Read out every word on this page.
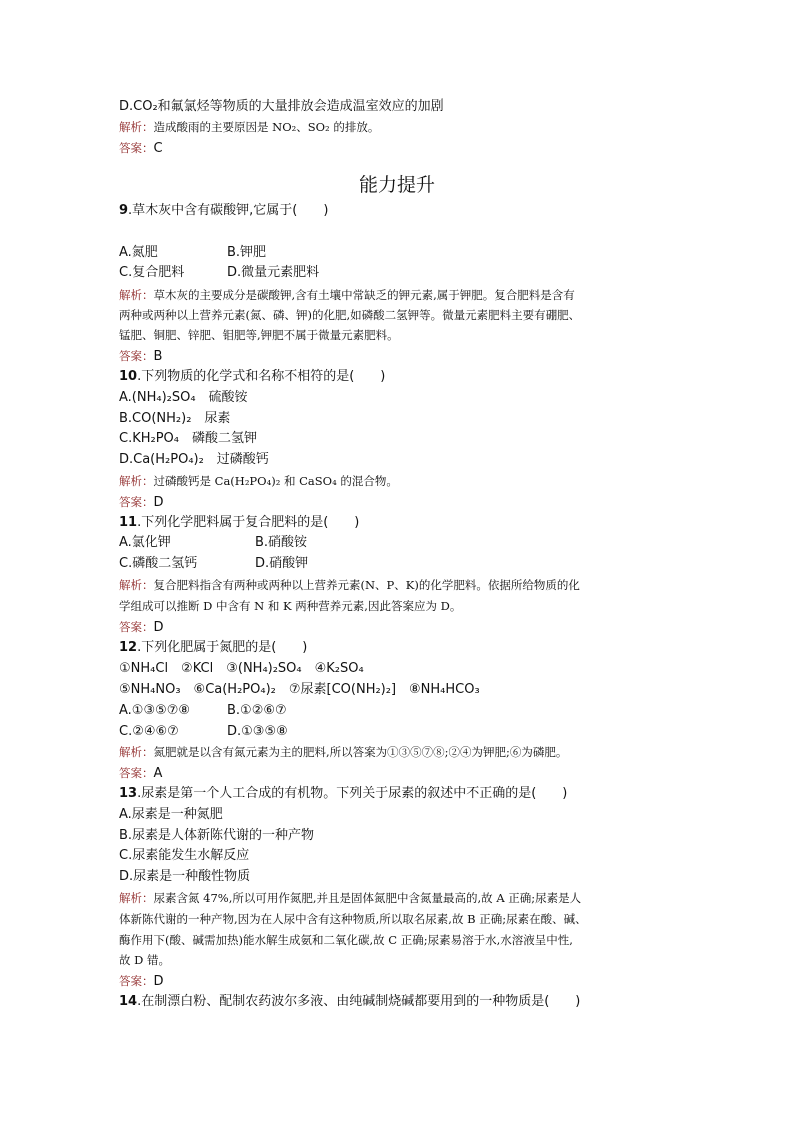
D.CO₂和氟氯烃等物质的大量排放会造成温室效应的加剧
解析：造成酸雨的主要原因是 NO₂、SO₂ 的排放。
答案：C
能力提升
9.草木灰中含有碳酸钾,它属于(　　)
A.氮肥	B.钾肥
C.复合肥料	D.微量元素肥料
解析：草木灰的主要成分是碳酸钾,含有土壤中常缺乏的钾元素,属于钾肥。复合肥料是含有
两种或两种以上营养元素(氮、磷、钾)的化肥,如磷酸二氢钾等。微量元素肥料主要有硼肥、
锰肥、铜肥、锌肥、钼肥等,钾肥不属于微量元素肥料。
答案：B
10.下列物质的化学式和名称不相符的是(　　)
A.(NH₄)₂SO₄　硫酸铵
B.CO(NH₂)₂　尿素
C.KH₂PO₄　磷酸二氢钾
D.Ca(H₂PO₄)₂　过磷酸钙
解析：过磷酸钙是 Ca(H₂PO₄)₂ 和 CaSO₄ 的混合物。
答案：D
11.下列化学肥料属于复合肥料的是(　　)
A.氯化钾	B.硝酸铵
C.磷酸二氢钙	D.硝酸钾
解析：复合肥料指含有两种或两种以上营养元素(N、P、K)的化学肥料。依据所给物质的化
学组成可以推断 D 中含有 N 和 K 两种营养元素,因此答案应为 D。
答案：D
12.下列化肥属于氮肥的是(　　)
①NH₄Cl　②KCl　③(NH₄)₂SO₄　④K₂SO₄
⑤NH₄NO₃　⑥Ca(H₂PO₄)₂　⑦尿素[CO(NH₂)₂]　⑧NH₄HCO₃
A.①③⑤⑦⑧	B.①②⑥⑦
C.②④⑥⑦	D.①③⑤⑧
解析：氮肥就是以含有氮元素为主的肥料,所以答案为①③⑤⑦⑧;②④为钾肥;⑥为磷肥。
答案：A
13.尿素是第一个人工合成的有机物。下列关于尿素的叙述中不正确的是(　　)
A.尿素是一种氮肥
B.尿素是人体新陈代谢的一种产物
C.尿素能发生水解反应
D.尿素是一种酸性物质
解析：尿素含氮 47%,所以可用作氮肥,并且是固体氮肥中含氮量最高的,故 A 正确;尿素是人
体新陈代谢的一种产物,因为在人尿中含有这种物质,所以取名尿素,故 B 正确;尿素在酸、碱、
酶作用下(酸、碱需加热)能水解生成氨和二氧化碳,故 C 正确;尿素易溶于水,水溶液呈中性,
故 D 错。
答案：D
14.在制漂白粉、配制农药波尔多液、由纯碱制烧碱都要用到的一种物质是(　　)
